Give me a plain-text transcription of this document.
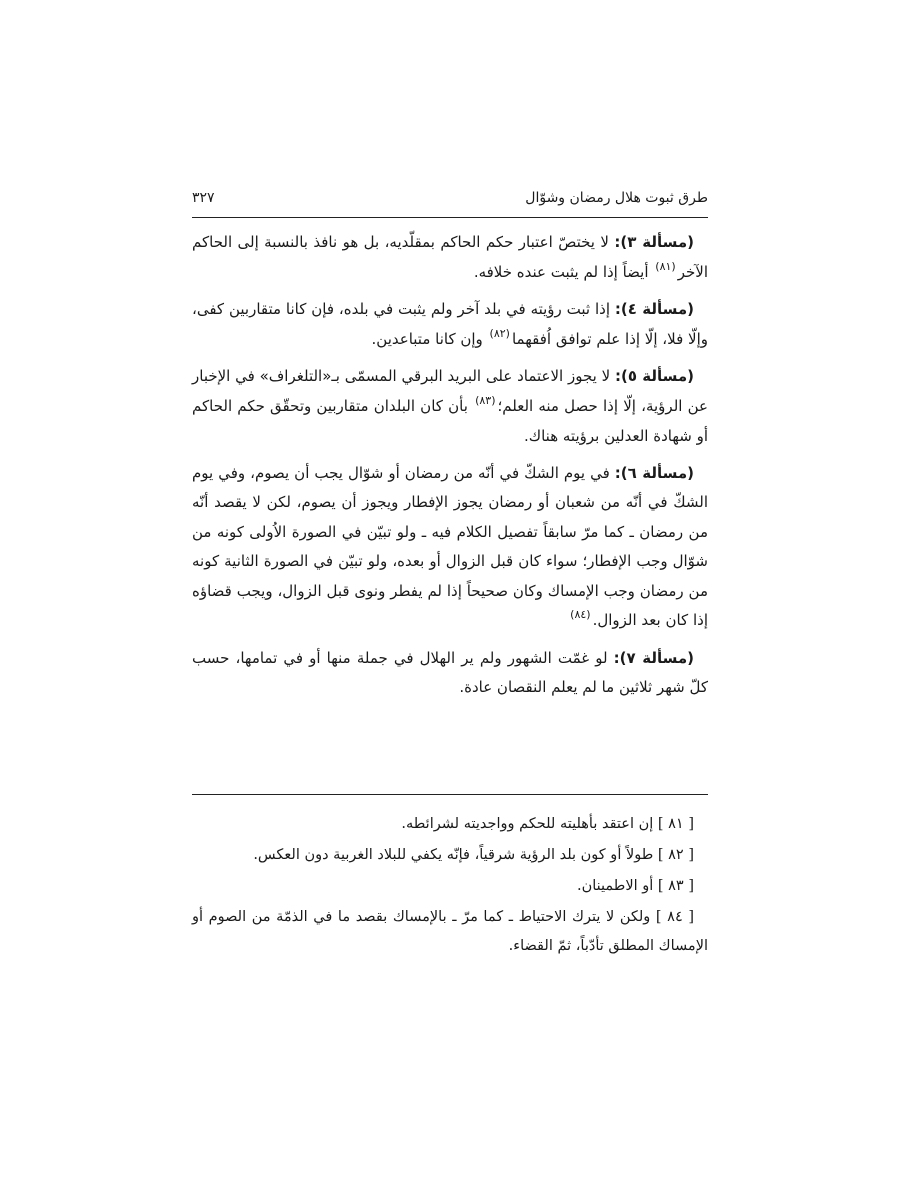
طرق ثبوت هلال رمضان وشوّال
٣٢٧

(مسألة ٣): لا يختصّ اعتبار حكم الحاكم بمقلّديه، بل هو نافذ بالنسبة إلى الحاكم الآخر$^{(٨١)}$ أيضاً إذا لم يثبت عنده خلافه.

(مسألة ٤): إذا ثبت رؤيته في بلد آخر ولم يثبت في بلده، فإن كانا متقاربين كفى، وإلّا فلا، إلّا إذا علم توافق اُفقهما$^{(٨٢)}$ وإن كانا متباعدين.

(مسألة ٥): لا يجوز الاعتماد على البريد البرقي المسمّى بـ«التلغراف» في الإخبار عن الرؤية، إلّا إذا حصل منه العلم؛$^{(٨٣)}$ بأن كان البلدان متقاربين وتحقّق حكم الحاكم أو شهادة العدلين برؤيته هناك.

(مسألة ٦): في يوم الشكّ في أنّه من رمضان أو شوّال يجب أن يصوم، وفي يوم الشكّ في أنّه من شعبان أو رمضان يجوز الإفطار ويجوز أن يصوم، لكن لا يقصد أنّه من رمضان ـ كما مرّ سابقاً تفصيل الكلام فيه ـ ولو تبيّن في الصورة الاُولى كونه من شوّال وجب الإفطار؛ سواء كان قبل الزوال أو بعده، ولو تبيّن في الصورة الثانية كونه من رمضان وجب الإمساك وكان صحيحاً إذا لم يفطر ونوى قبل الزوال، ويجب قضاؤه إذا كان بعد الزوال.$^{(٨٤)}$

(مسألة ٧): لو غمّت الشهور ولم ير الهلال في جملة منها أو في تمامها، حسب كلّ شهر ثلاثين ما لم يعلم النقصان عادة.

[ ٨١ ] إن اعتقد بأهليته للحكم وواجديته لشرائطه.

[ ٨٢ ] طولاً أو كون بلد الرؤية شرقياً، فإنّه يكفي للبلاد الغربية دون العكس.

[ ٨٣ ] أو الاطمينان.

[ ٨٤ ] ولكن لا يترك الاحتياط ـ كما مرّ ـ بالإمساك بقصد ما في الذمّة من الصوم أو الإمساك المطلق تأدّباً، ثمّ القضاء.
